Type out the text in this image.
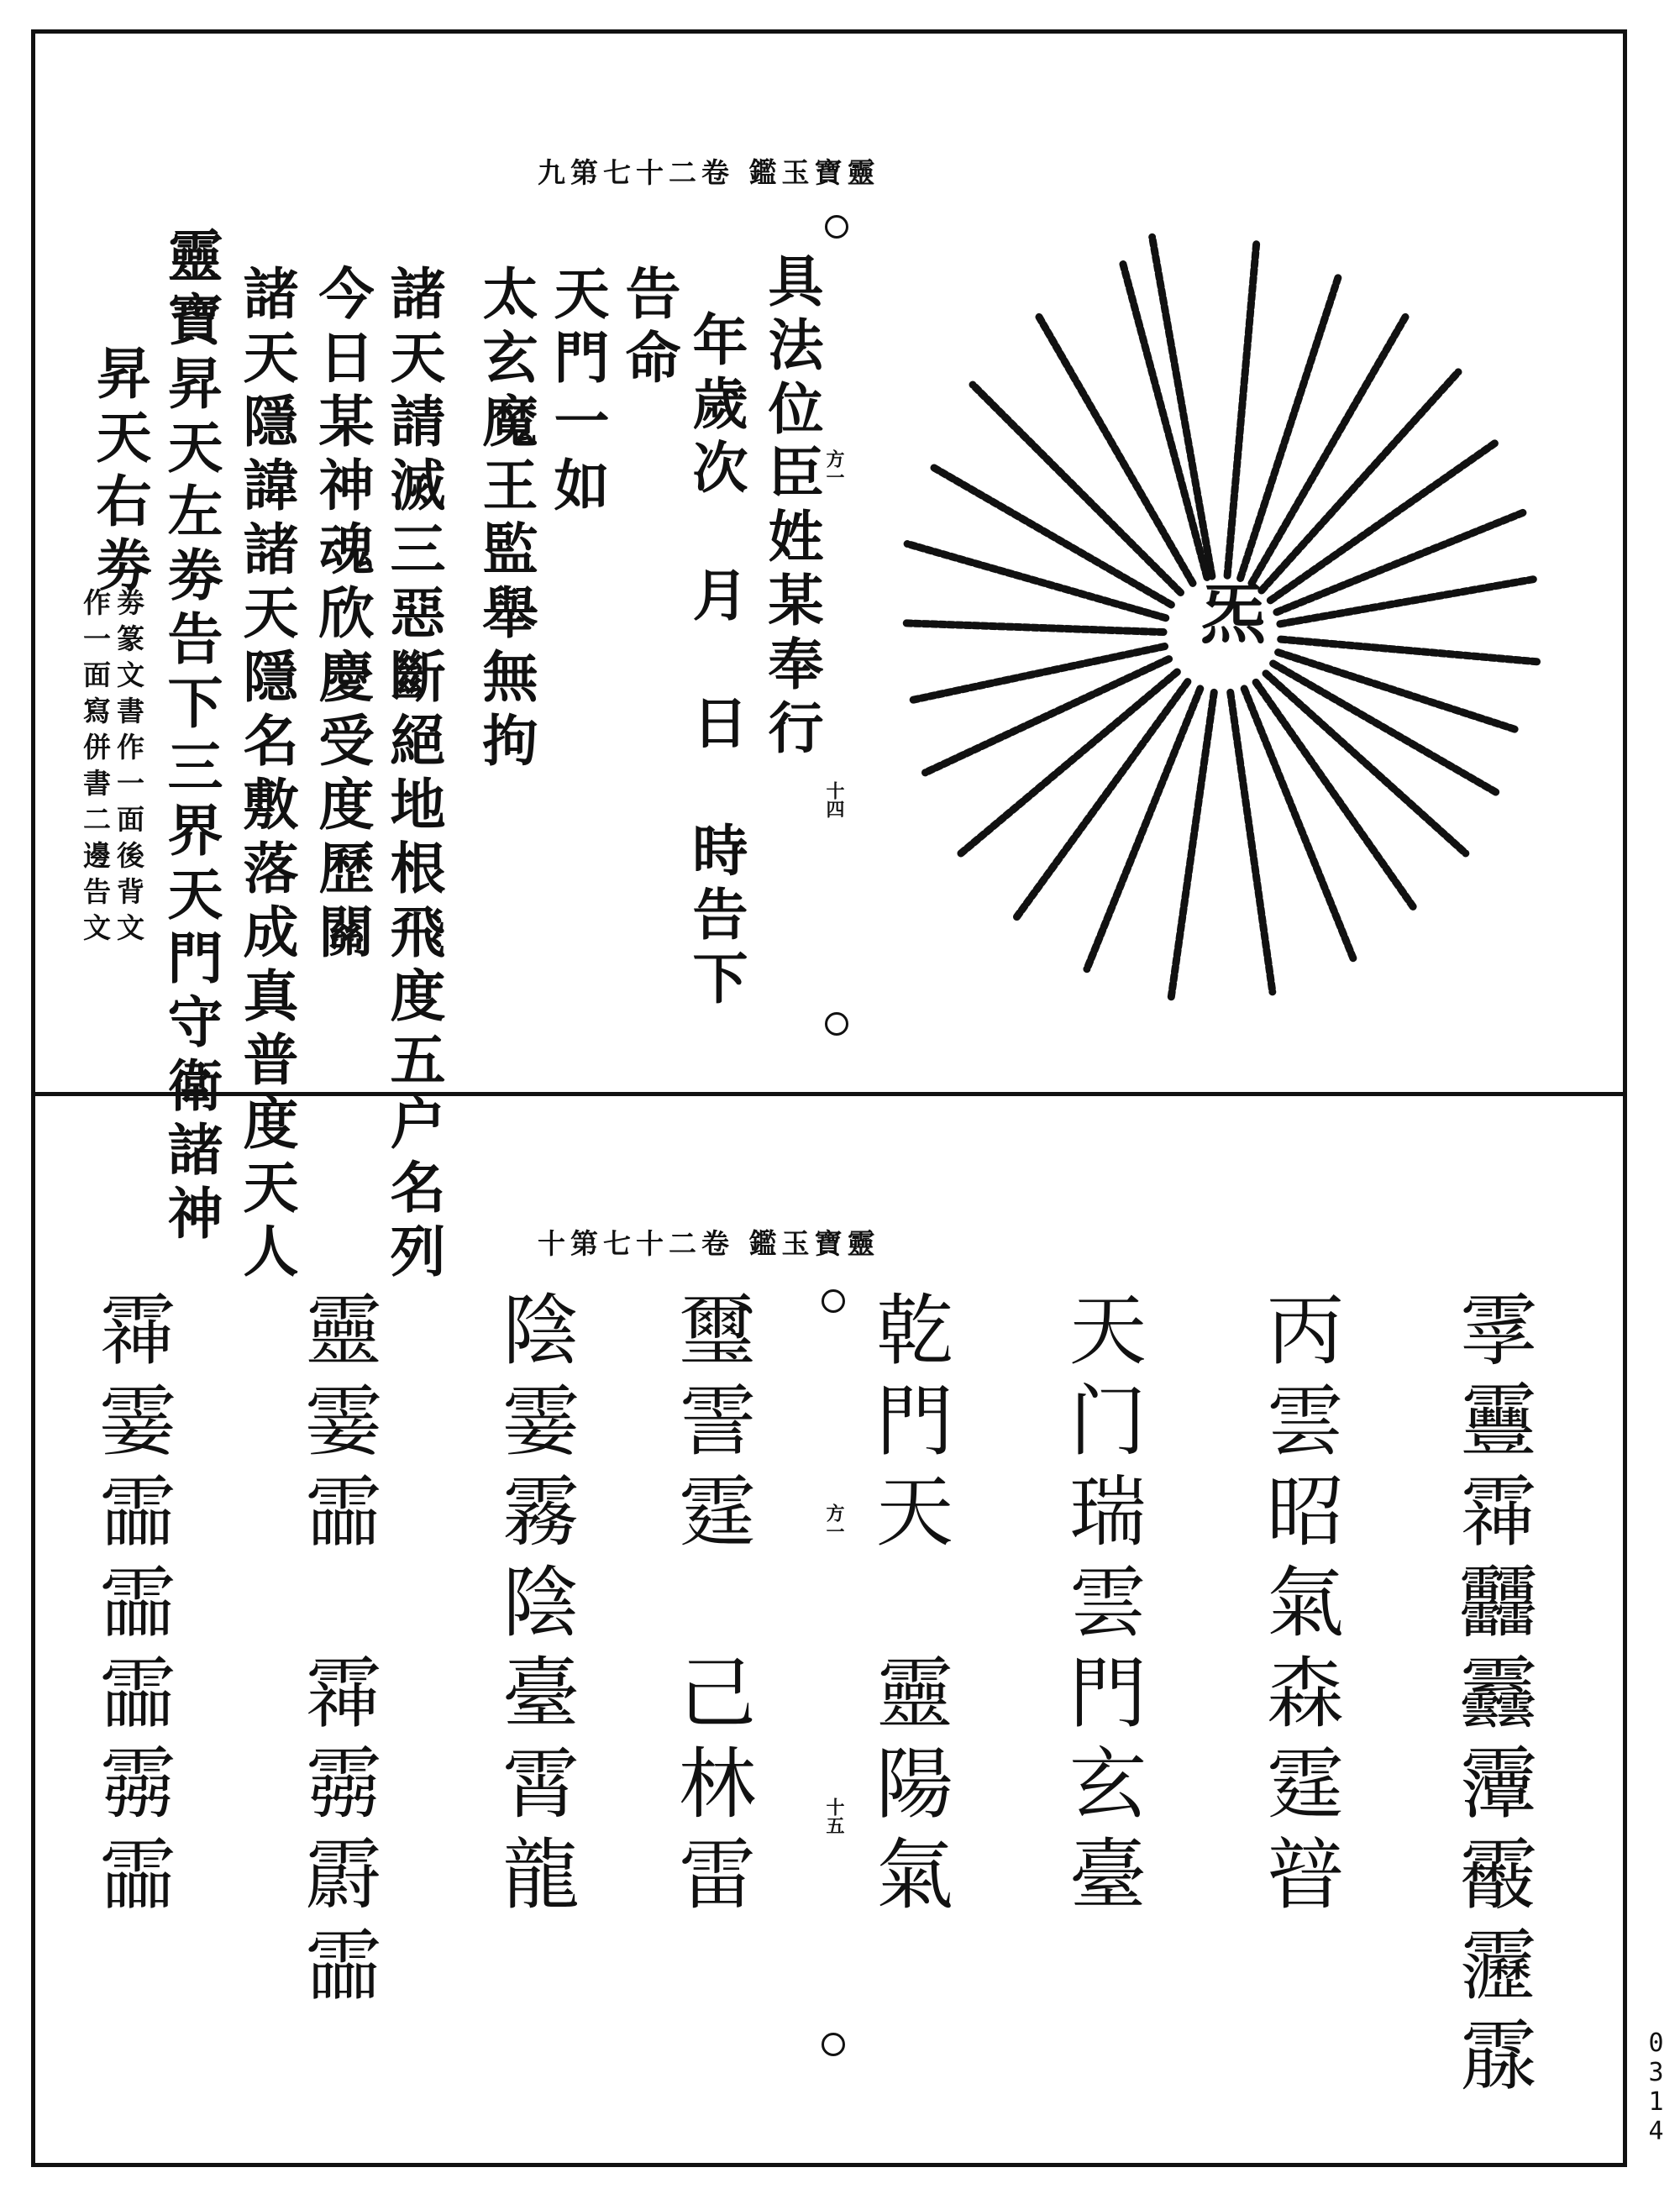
九第七十二卷 鑑玉寶靈
方一
十四
炁
具法位臣姓某奉行
年歲次　月　日　時告下
告命
天門一如
太玄魔王監舉無拘
諸天請滅三惡斷絕地根飛度五户名列
今日某神魂欣慶受度歷關
諸天隱諱諸天隱名敷落成真普度天人
靈寶昇天左劵告下三界天門守衛諸神
昇天右劵
劵篆文書作一面後背文
作一面寫併書二邊告文
十第七十二卷 鑑玉寶靈
方一
十五	䨗靊䨩䨻䨺䨵䨷靋霡
丙雲昭氣森霆暜
天门瑞雲門玄臺
乾門天　靈陽氣
璽霅霆　己林雷
陰霎霧陰臺霄龍
靈霎霝　䨩霛霨霝
䨩霎霝霝霝霛霝
0314
